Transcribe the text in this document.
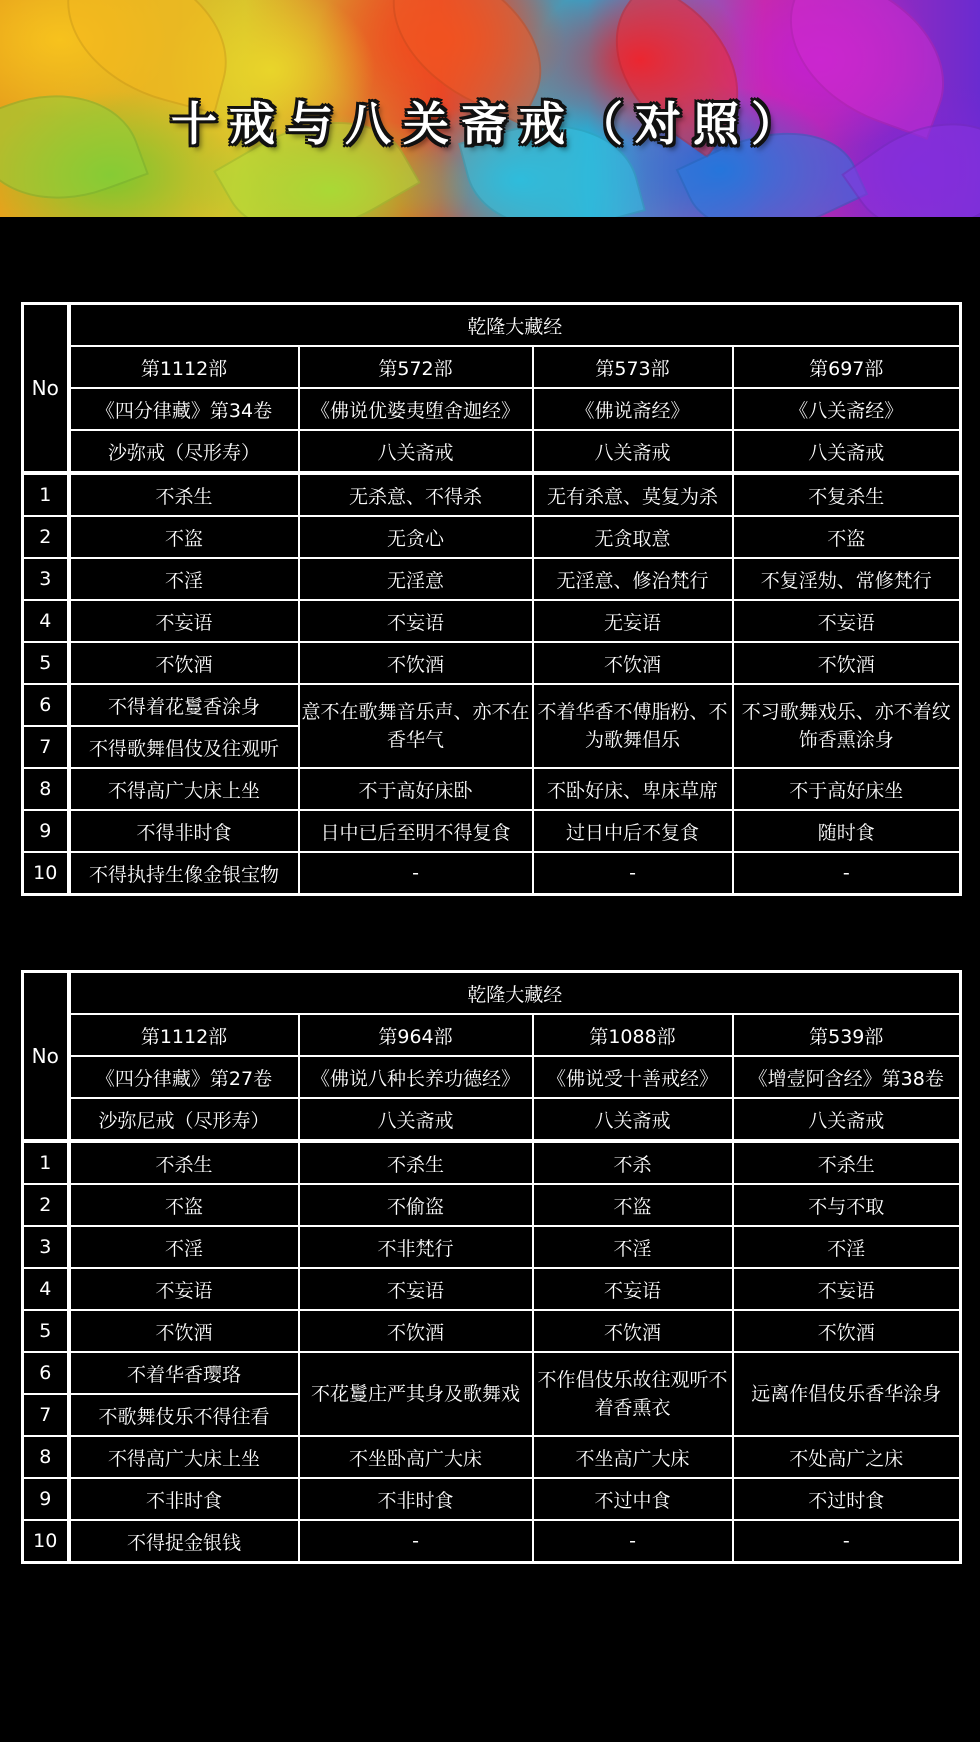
十戒与八关斋戒（对照）
No	乾隆大藏经			
	第1112部	第572部	第573部	第697部
	《四分律藏》第34卷	《佛说优婆夷堕舍迦经》	《佛说斋经》	《八关斋经》
	沙弥戒（尽形寿）	八关斋戒	八关斋戒	八关斋戒
1	不杀生	无杀意、不得杀	无有杀意、莫复为杀	不复杀生
2	不盗	无贪心	无贪取意	不盗
3	不淫	无淫意	无淫意、修治梵行	不复淫劮、常修梵行
4	不妄语	不妄语	无妄语	不妄语
5	不饮酒	不饮酒	不饮酒	不饮酒
6	不得着花鬘香涂身	意不在歌舞音乐声、亦不在香华气	不着华香不傅脂粉、不为歌舞倡乐	不习歌舞戏乐、亦不着纹饰香熏涂身
7	不得歌舞倡伎及往观听			
8	不得高广大床上坐	不于高好床卧	不卧好床、卑床草席	不于高好床坐
9	不得非时食	日中已后至明不得复食	过日中后不复食	随时食
10	不得执持生像金银宝物	-	-	-
No	乾隆大藏经			
	第1112部	第964部	第1088部	第539部
	《四分律藏》第27卷	《佛说八种长养功德经》	《佛说受十善戒经》	《增壹阿含经》第38卷
	沙弥尼戒（尽形寿）	八关斋戒	八关斋戒	八关斋戒
1	不杀生	不杀生	不杀	不杀生
2	不盗	不偷盗	不盗	不与不取
3	不淫	不非梵行	不淫	不淫
4	不妄语	不妄语	不妄语	不妄语
5	不饮酒	不饮酒	不饮酒	不饮酒
6	不着华香璎珞	不花鬘庄严其身及歌舞戏	不作倡伎乐故往观听不着香熏衣	远离作倡伎乐香华涂身
7	不歌舞伎乐不得往看			
8	不得高广大床上坐	不坐卧高广大床	不坐高广大床	不处高广之床
9	不非时食	不非时食	不过中食	不过时食
10	不得捉金银钱	-	-	-
